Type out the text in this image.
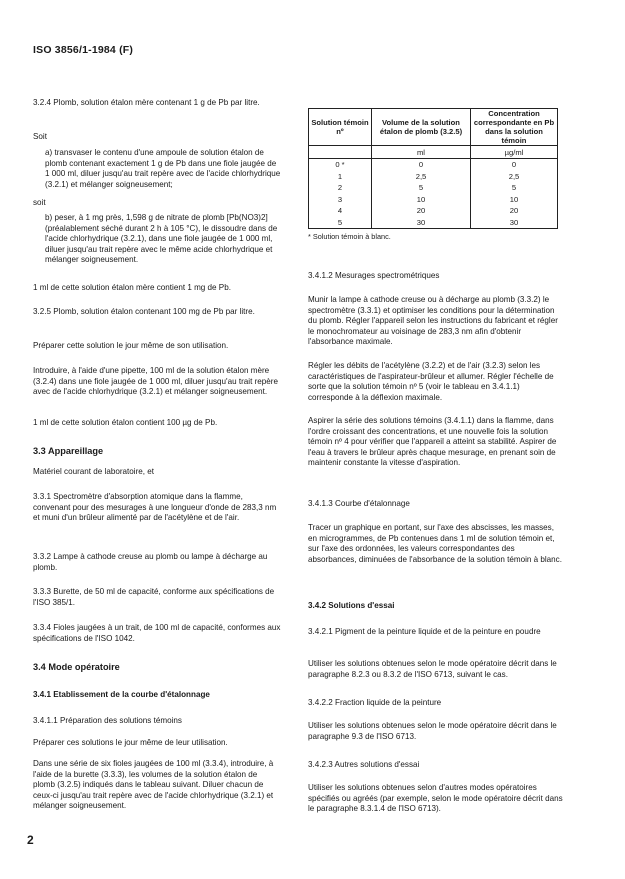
ISO 3856/1-1984 (F)

3.2.4 Plomb, solution étalon mère contenant 1 g de Pb par litre.

Soit

a) transvaser le contenu d'une ampoule de solution étalon de plomb contenant exactement 1 g de Pb dans une fiole jaugée de 1 000 ml, diluer jusqu'au trait repère avec de l'acide chlorhydrique (3.2.1) et mélanger soigneusement;

soit

b) peser, à 1 mg près, 1,598 g de nitrate de plomb [Pb(NO3)2] (préalablement séché durant 2 h à 105 °C), le dissoudre dans de l'acide chlorhydrique (3.2.1), dans une fiole jaugée de 1 000 ml, diluer jusqu'au trait repère avec le même acide chlorhydrique et mélanger soigneusement.

1 ml de cette solution étalon mère contient 1 mg de Pb.

3.2.5 Plomb, solution étalon contenant 100 mg de Pb par litre.

Préparer cette solution le jour même de son utilisation.

Introduire, à l'aide d'une pipette, 100 ml de la solution étalon mère (3.2.4) dans une fiole jaugée de 1 000 ml, diluer jusqu'au trait repère avec de l'acide chlorhydrique (3.2.1) et mélanger soigneusement.

1 ml de cette solution étalon contient 100 µg de Pb.

3.3 Appareillage

Matériel courant de laboratoire, et

3.3.1 Spectromètre d'absorption atomique dans la flamme, convenant pour des mesurages à une longueur d'onde de 283,3 nm et muni d'un brûleur alimenté par de l'acétylène et de l'air.

3.3.2 Lampe à cathode creuse au plomb ou lampe à décharge au plomb.

3.3.3 Burette, de 50 ml de capacité, conforme aux spécifications de l'ISO 385/1.

3.3.4 Fioles jaugées à un trait, de 100 ml de capacité, conformes aux spécifications de l'ISO 1042.

3.4 Mode opératoire

3.4.1 Etablissement de la courbe d'étalonnage

3.4.1.1 Préparation des solutions témoins

Préparer ces solutions le jour même de leur utilisation.

Dans une série de six fioles jaugées de 100 ml (3.3.4), introduire, à l'aide de la burette (3.3.3), les volumes de la solution étalon de plomb (3.2.5) indiqués dans le tableau suivant. Diluer chacun de ceux-ci jusqu'au trait repère avec de l'acide chlorhydrique (3.2.1) et mélanger soigneusement.

Solution témoin nº	Volume de la solution étalon de plomb (3.2.5)	Concentration correspondante en Pb dans la solution témoin
	ml	µg/ml
0 *	0	0
1	2,5	2,5
2	5	5
3	10	10
4	20	20
5	30	30
* Solution témoin à blanc.

3.4.1.2 Mesurages spectrométriques

Munir la lampe à cathode creuse ou à décharge au plomb (3.3.2) le spectromètre (3.3.1) et optimiser les conditions pour la détermination du plomb. Régler l'appareil selon les instructions du fabricant et régler le monochromateur au voisinage de 283,3 nm afin d'obtenir l'absorbance maximale.

Régler les débits de l'acétylène (3.2.2) et de l'air (3.2.3) selon les caractéristiques de l'aspirateur-brûleur et allumer. Régler l'échelle de sorte que la solution témoin nº 5 (voir le tableau en 3.4.1.1) corresponde à la déflexion maximale.

Aspirer la série des solutions témoins (3.4.1.1) dans la flamme, dans l'ordre croissant des concentrations, et une nouvelle fois la solution témoin nº 4 pour vérifier que l'appareil a atteint sa stabilité. Aspirer de l'eau à travers le brûleur après chaque mesurage, en prenant soin de maintenir constante la vitesse d'aspiration.

3.4.1.3 Courbe d'étalonnage

Tracer un graphique en portant, sur l'axe des abscisses, les masses, en microgrammes, de Pb contenues dans 1 ml de solution témoin et, sur l'axe des ordonnées, les valeurs correspondantes des absorbances, diminuées de l'absorbance de la solution témoin à blanc.

3.4.2 Solutions d'essai

3.4.2.1 Pigment de la peinture liquide et de la peinture en poudre

Utiliser les solutions obtenues selon le mode opératoire décrit dans le paragraphe 8.2.3 ou 8.3.2 de l'ISO 6713, suivant le cas.

3.4.2.2 Fraction liquide de la peinture

Utiliser les solutions obtenues selon le mode opératoire décrit dans le paragraphe 9.3 de l'ISO 6713.

3.4.2.3 Autres solutions d'essai

Utiliser les solutions obtenues selon d'autres modes opératoires spécifiés ou agréés (par exemple, selon le mode opératoire décrit dans le paragraphe 8.3.1.4 de l'ISO 6713).

2
